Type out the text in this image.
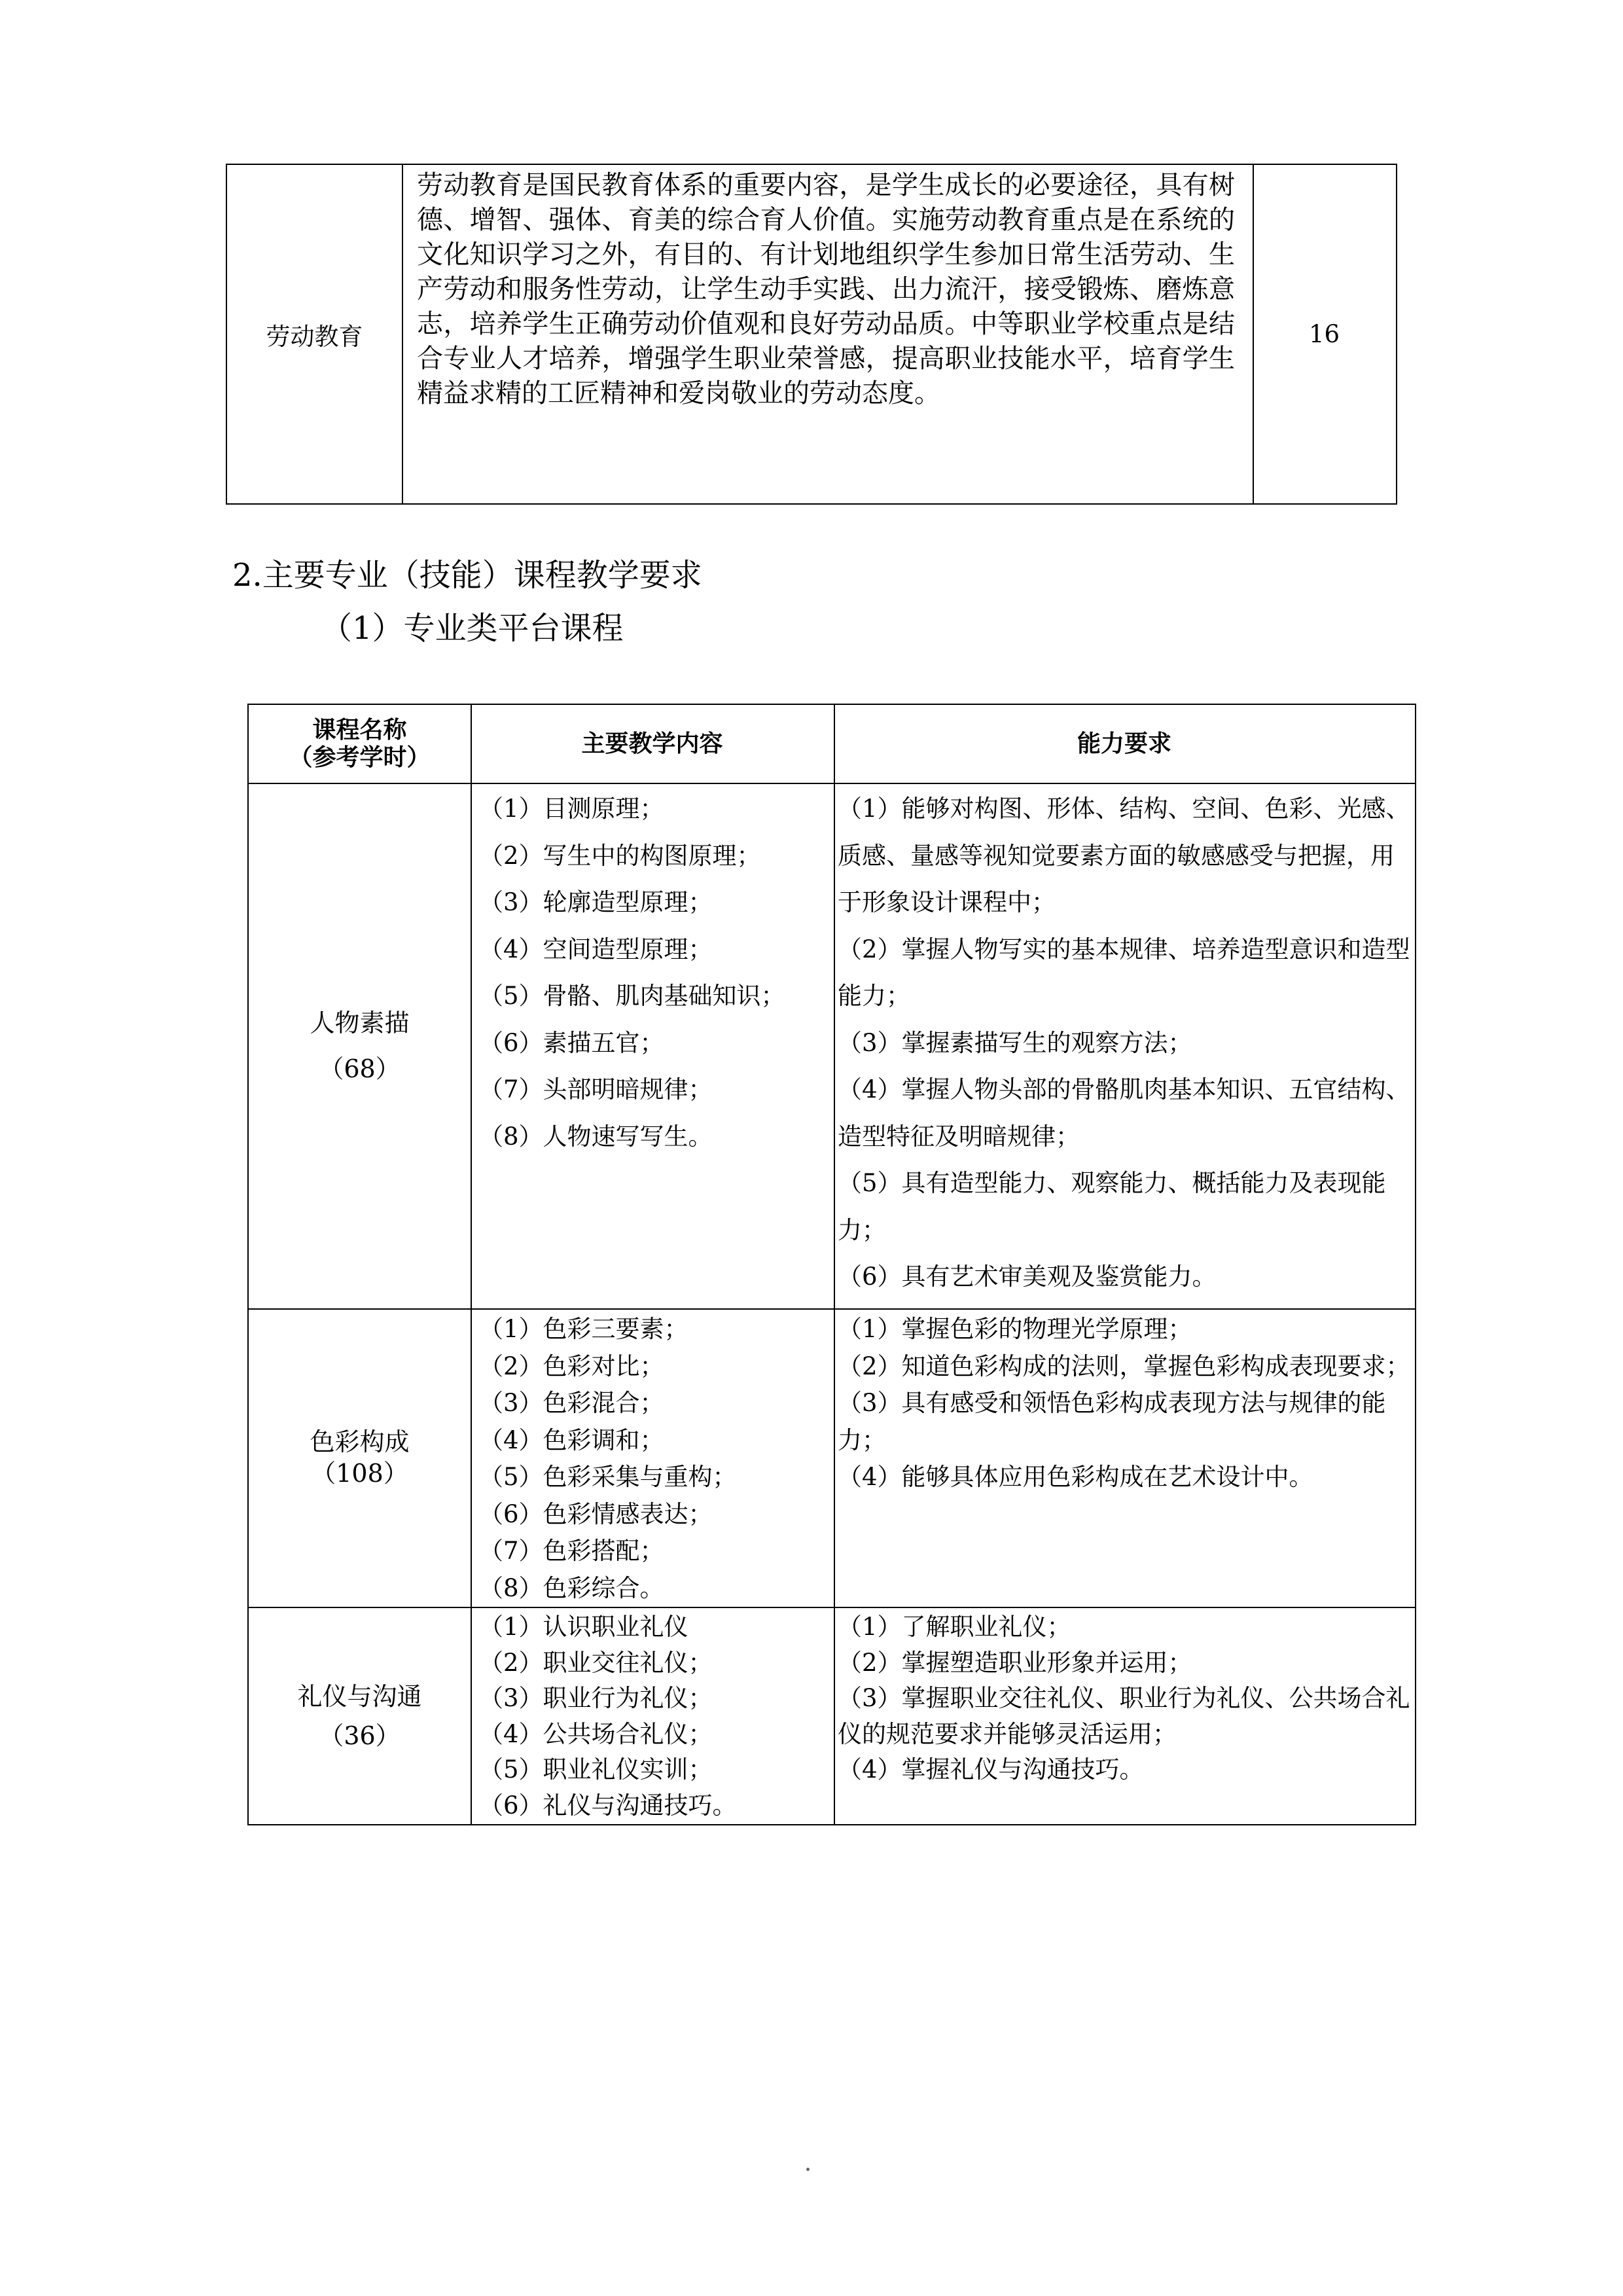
劳动教育
劳动教育是国民教育体系的重要内容，是学生成长的必要途径，具有树德、增智、强体、育美的综合育人价值。实施劳动教育重点是在系统的文化知识学习之外，有目的、有计划地组织学生参加日常生活劳动、生产劳动和服务性劳动，让学生动手实践、出力流汗，接受锻炼、磨炼意志，培养学生正确劳动价值观和良好劳动品质。中等职业学校重点是结合专业人才培养，增强学生职业荣誉感，提高职业技能水平，培育学生精益求精的工匠精神和爱岗敬业的劳动态度。
16
2.主要专业（技能）课程教学要求
（1）专业类平台课程
课程名称
（参考学时）
主要教学内容	能力要求
人物素描
（68）
（1）目测原理；
（2）写生中的构图原理；
（3）轮廓造型原理；
（4）空间造型原理；
（5）骨骼、肌肉基础知识；
（6）素描五官；
（7）头部明暗规律；
（8）人物速写写生。
（1）能够对构图、形体、结构、空间、色彩、光感、质感、量感等视知觉要素方面的敏感感受与把握，用于形象设计课程中；
（2）掌握人物写实的基本规律、培养造型意识和造型能力；
（3）掌握素描写生的观察方法；
（4）掌握人物头部的骨骼肌肉基本知识、五官结构、造型特征及明暗规律；
（5）具有造型能力、观察能力、概括能力及表现能力；
（6）具有艺术审美观及鉴赏能力。
色彩构成
（108）
（1）色彩三要素；
（2）色彩对比；
（3）色彩混合；
（4）色彩调和；
（5）色彩采集与重构；
（6）色彩情感表达；
（7）色彩搭配；
（8）色彩综合。
（1）掌握色彩的物理光学原理；
（2）知道色彩构成的法则，掌握色彩构成表现要求；
（3）具有感受和领悟色彩构成表现方法与规律的能力；
（4）能够具体应用色彩构成在艺术设计中。
礼仪与沟通
（36）
（1）认识职业礼仪
（2）职业交往礼仪；
（3）职业行为礼仪；
（4）公共场合礼仪；
（5）职业礼仪实训；
（6）礼仪与沟通技巧。
（1）了解职业礼仪；
（2）掌握塑造职业形象并运用；
（3）掌握职业交往礼仪、职业行为礼仪、公共场合礼仪的规范要求并能够灵活运用；
（4）掌握礼仪与沟通技巧。
